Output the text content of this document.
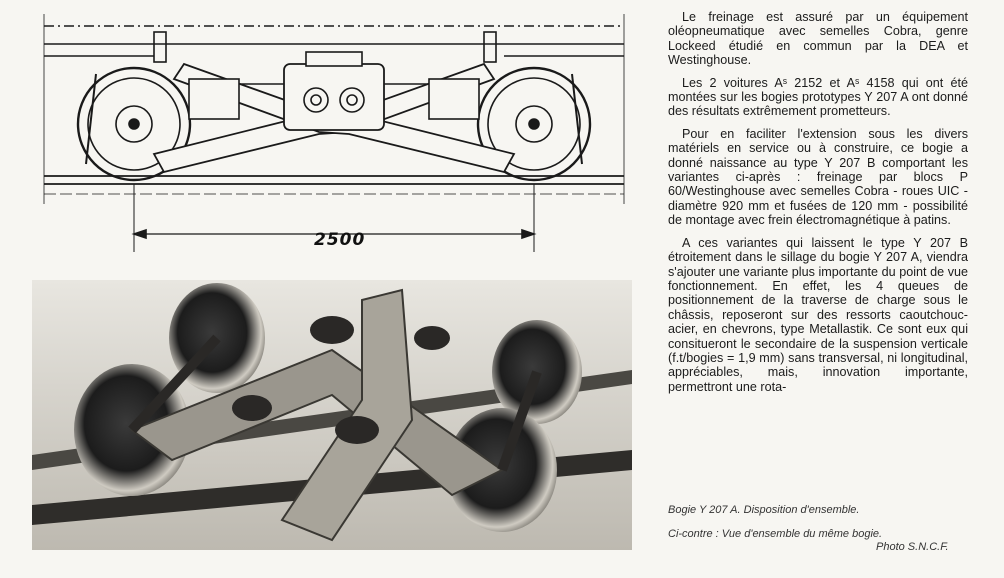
2500

Le freinage est assuré par un équipement oléopneumatique avec semelles Cobra, genre Lockeed étudié en commun par la DEA et Westinghouse.

Les 2 voitures Aˢ 2152 et Aˢ 4158 qui ont été montées sur les bogies prototypes Y 207 A ont donné des résultats extrêmement prometteurs.

Pour en faciliter l'extension sous les divers matériels en service ou à construire, ce bogie a donné naissance au type Y 207 B comportant les variantes ci-après : freinage par blocs P 60/Westinghouse avec semelles Cobra - roues UIC - diamètre 920 mm et fusées de 120 mm - possibilité de montage avec frein électromagnétique à patins.

A ces variantes qui laissent le type Y 207 B étroitement dans le sillage du bogie Y 207 A, viendra s'ajouter une variante plus importante du point de vue fonctionnement. En effet, les 4 queues de positionnement de la traverse de charge sous le châssis, reposeront sur des ressorts caoutchouc-acier, en chevrons, type Metallastik. Ce sont eux qui consitueront le secondaire de la suspension verticale (f.t/bogies = 1,9 mm) sans transversal, ni longitudinal, appréciables, mais, innovation importante, permettront une rota-

Bogie Y 207 A. Disposition d'ensemble.
Ci-contre : Vue d'ensemble du même bogie.
Photo S.N.C.F.
